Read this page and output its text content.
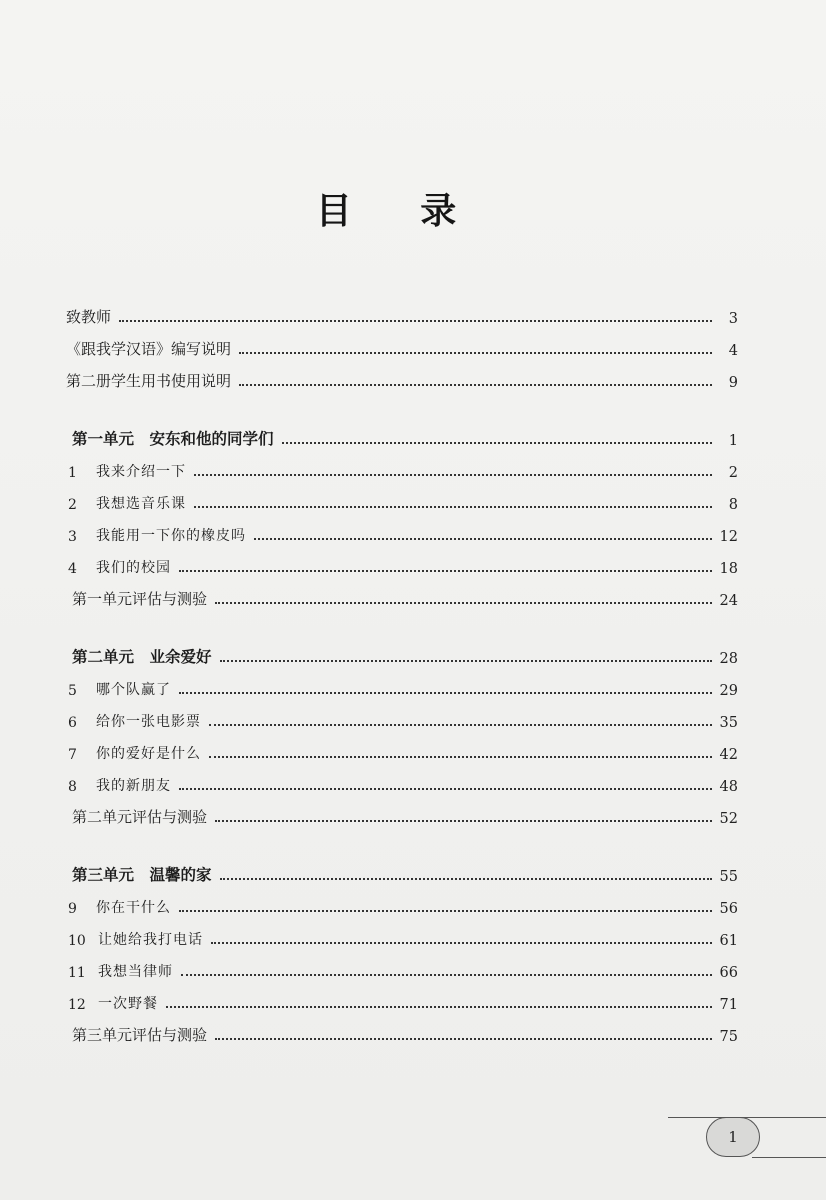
目 录
致教师	3
《跟我学汉语》编写说明	4
第二册学生用书使用说明	9
第一单元　安东和他的同学们	1
1	我来介绍一下	2
2	我想选音乐课	8
3	我能用一下你的橡皮吗	12
4	我们的校园	18
第一单元评估与测验	24
第二单元　业余爱好	28
5	哪个队赢了	29
6	给你一张电影票	35
7	你的爱好是什么	42
8	我的新朋友	48
第二单元评估与测验	52
第三单元　温馨的家	55
9	你在干什么	56
10 让她给我打电话	61
11 我想当律师	66
12 一次野餐	71
第三单元评估与测验	75
1
